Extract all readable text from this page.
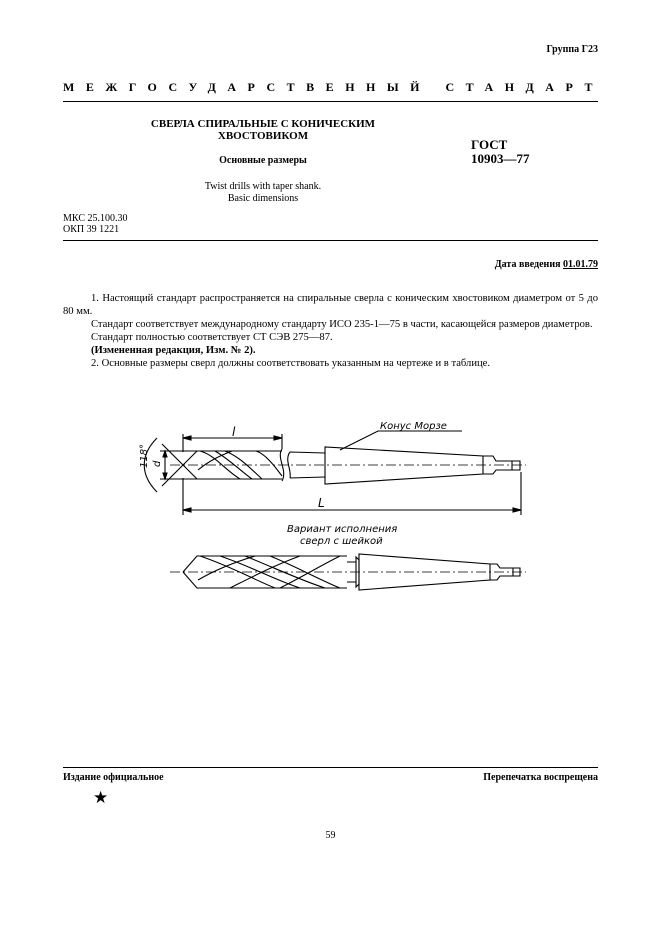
Группа Г23
МЕЖГОСУДАРСТВЕННЫЙ СТАНДАРТ
СВЕРЛА СПИРАЛЬНЫЕ С КОНИЧЕСКИМ
ХВОСТОВИКОМ
Основные размеры
Twist drills with taper shank.
Basic dimensions
ГОСТ
10903—77
МКС 25.100.30
ОКП 39 1221
Дата введения 01.01.79

1. Настоящий стандарт распространяется на спиральные сверла с коническим хвостовиком диаметром от 5 до 80 мм.

Стандарт соответствует международному стандарту ИСО 235-1—75 в части, касающейся размеров диаметров.

Стандарт полностью соответствует СТ СЭВ 275—87.

(Измененная редакция, Изм. № 2).

2. Основные размеры сверл должны соответствовать указанным на чертеже и в таблице.

l
L
d
118°
Конус Морзе
Вариант исполнения
сверл с шейкой
Издание официальное	Перепечатка воспрещена
★
59
